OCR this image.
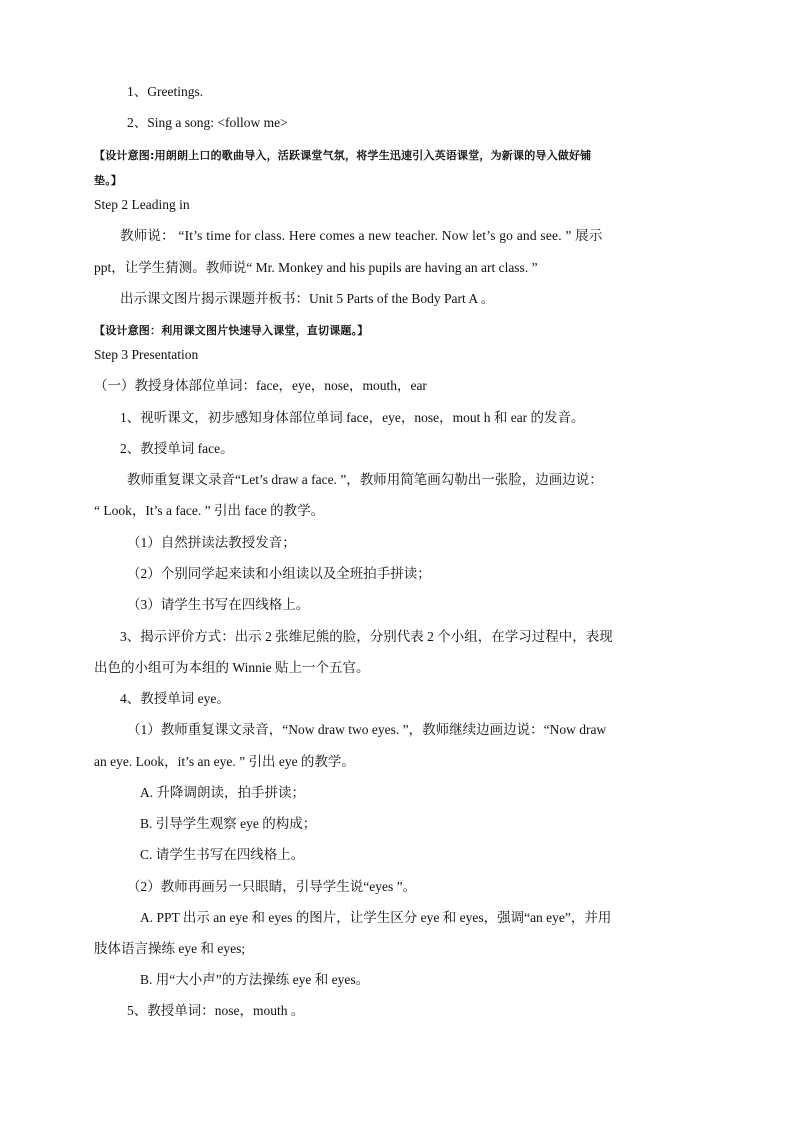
1、Greetings.
2、Sing a song: <follow me>
【设计意图:用朗朗上口的歌曲导入，活跃课堂气氛，将学生迅速引入英语课堂，为新课的导入做好铺
垫。】
Step 2 Leading in
教师说： “It’s time for class. Here comes a new teacher. Now let’s go and see. ” 展示
ppt，让学生猜测。教师说“ Mr. Monkey and his pupils are having an art class. ”
出示课文图片揭示课题并板书：Unit 5 Parts of the Body Part A 。
【设计意图：利用课文图片快速导入课堂，直切课题。】
Step 3 Presentation
（一）教授身体部位单词：face，eye，nose，mouth，ear
1、视听课文，初步感知身体部位单词 face，eye，nose，mout h 和 ear 的发音。
2、教授单词 face。
教师重复课文录音“Let’s draw a face. ”，教师用简笔画勾勒出一张脸，边画边说：
“ Look，It’s a face. ” 引出 face 的教学。
（1）自然拼读法教授发音；
（2）个别同学起来读和小组读以及全班拍手拼读；
（3）请学生书写在四线格上。
3、揭示评价方式：出示 2 张维尼熊的脸，分别代表 2 个小组，在学习过程中，表现
出色的小组可为本组的 Winnie 贴上一个五官。
4、教授单词 eye。
（1）教师重复课文录音，“Now draw two eyes. ”，教师继续边画边说：“Now draw
an eye. Look，it’s an eye. ” 引出 eye 的教学。
A. 升降调朗读，拍手拼读；
B. 引导学生观察 eye 的构成；
C. 请学生书写在四线格上。
（2）教师再画另一只眼睛，引导学生说“eyes ”。
A. PPT 出示 an eye 和 eyes 的图片，让学生区分 eye 和 eyes，强调“an eye”，并用
肢体语言操练 eye 和 eyes;
B. 用“大小声”的方法操练 eye 和 eyes。
5、教授单词：nose，mouth 。
